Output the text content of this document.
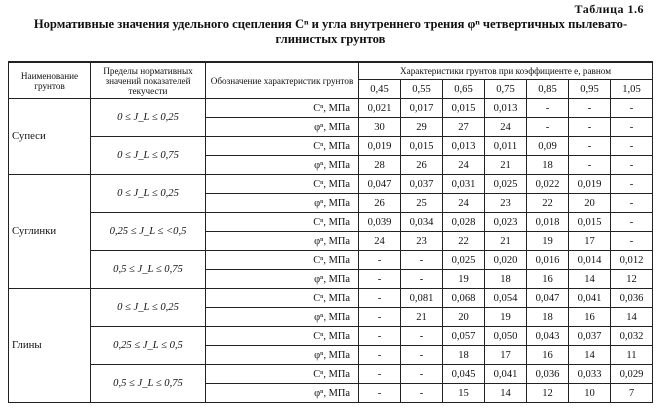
Таблица 1.6
Нормативные значения удельного сцепления Cⁿ и угла внутреннего трения φⁿ четвертичных пылевато-глинистых грунтов
Наименование грунтов	Пределы нормативных значений показателей текучести	Обозначение характеристик грунтов	Характеристики грунтов при коэффициенте e, равном						
			0,45	0,55	0,65	0,75	0,85	0,95	1,05
Супеси	0 ≤ J_L ≤ 0,25	Cⁿ, МПа	0,021	0,017	0,015	0,013	-	-	-
		φⁿ, МПа	30	29	27	24	-	-	-
	0 ≤ J_L ≤ 0,75	Cⁿ, МПа	0,019	0,015	0,013	0,011	0,09	-	-
		φⁿ, МПа	28	26	24	21	18	-	-
Суглинки	0 ≤ J_L ≤ 0,25	Cⁿ, МПа	0,047	0,037	0,031	0,025	0,022	0,019	-
		φⁿ, МПа	26	25	24	23	22	20	-
	0,25 ≤ J_L ≤ <0,5	Cⁿ, МПа	0,039	0,034	0,028	0,023	0,018	0,015	-
		φⁿ, МПа	24	23	22	21	19	17	-
	0,5 ≤ J_L ≤ 0,75	Cⁿ, МПа	-	-	0,025	0,020	0,016	0,014	0,012
		φⁿ, МПа	-	-	19	18	16	14	12
Глины	0 ≤ J_L ≤ 0,25	Cⁿ, МПа	-	0,081	0,068	0,054	0,047	0,041	0,036
		φⁿ, МПа	-	21	20	19	18	16	14
	0,25 ≤ J_L ≤ 0,5	Cⁿ, МПа	-	-	0,057	0,050	0,043	0,037	0,032
		φⁿ, МПа	-	-	18	17	16	14	11
	0,5 ≤ J_L ≤ 0,75	Cⁿ, МПа	-	-	0,045	0,041	0,036	0,033	0,029
		φⁿ, МПа	-	-	15	14	12	10	7
